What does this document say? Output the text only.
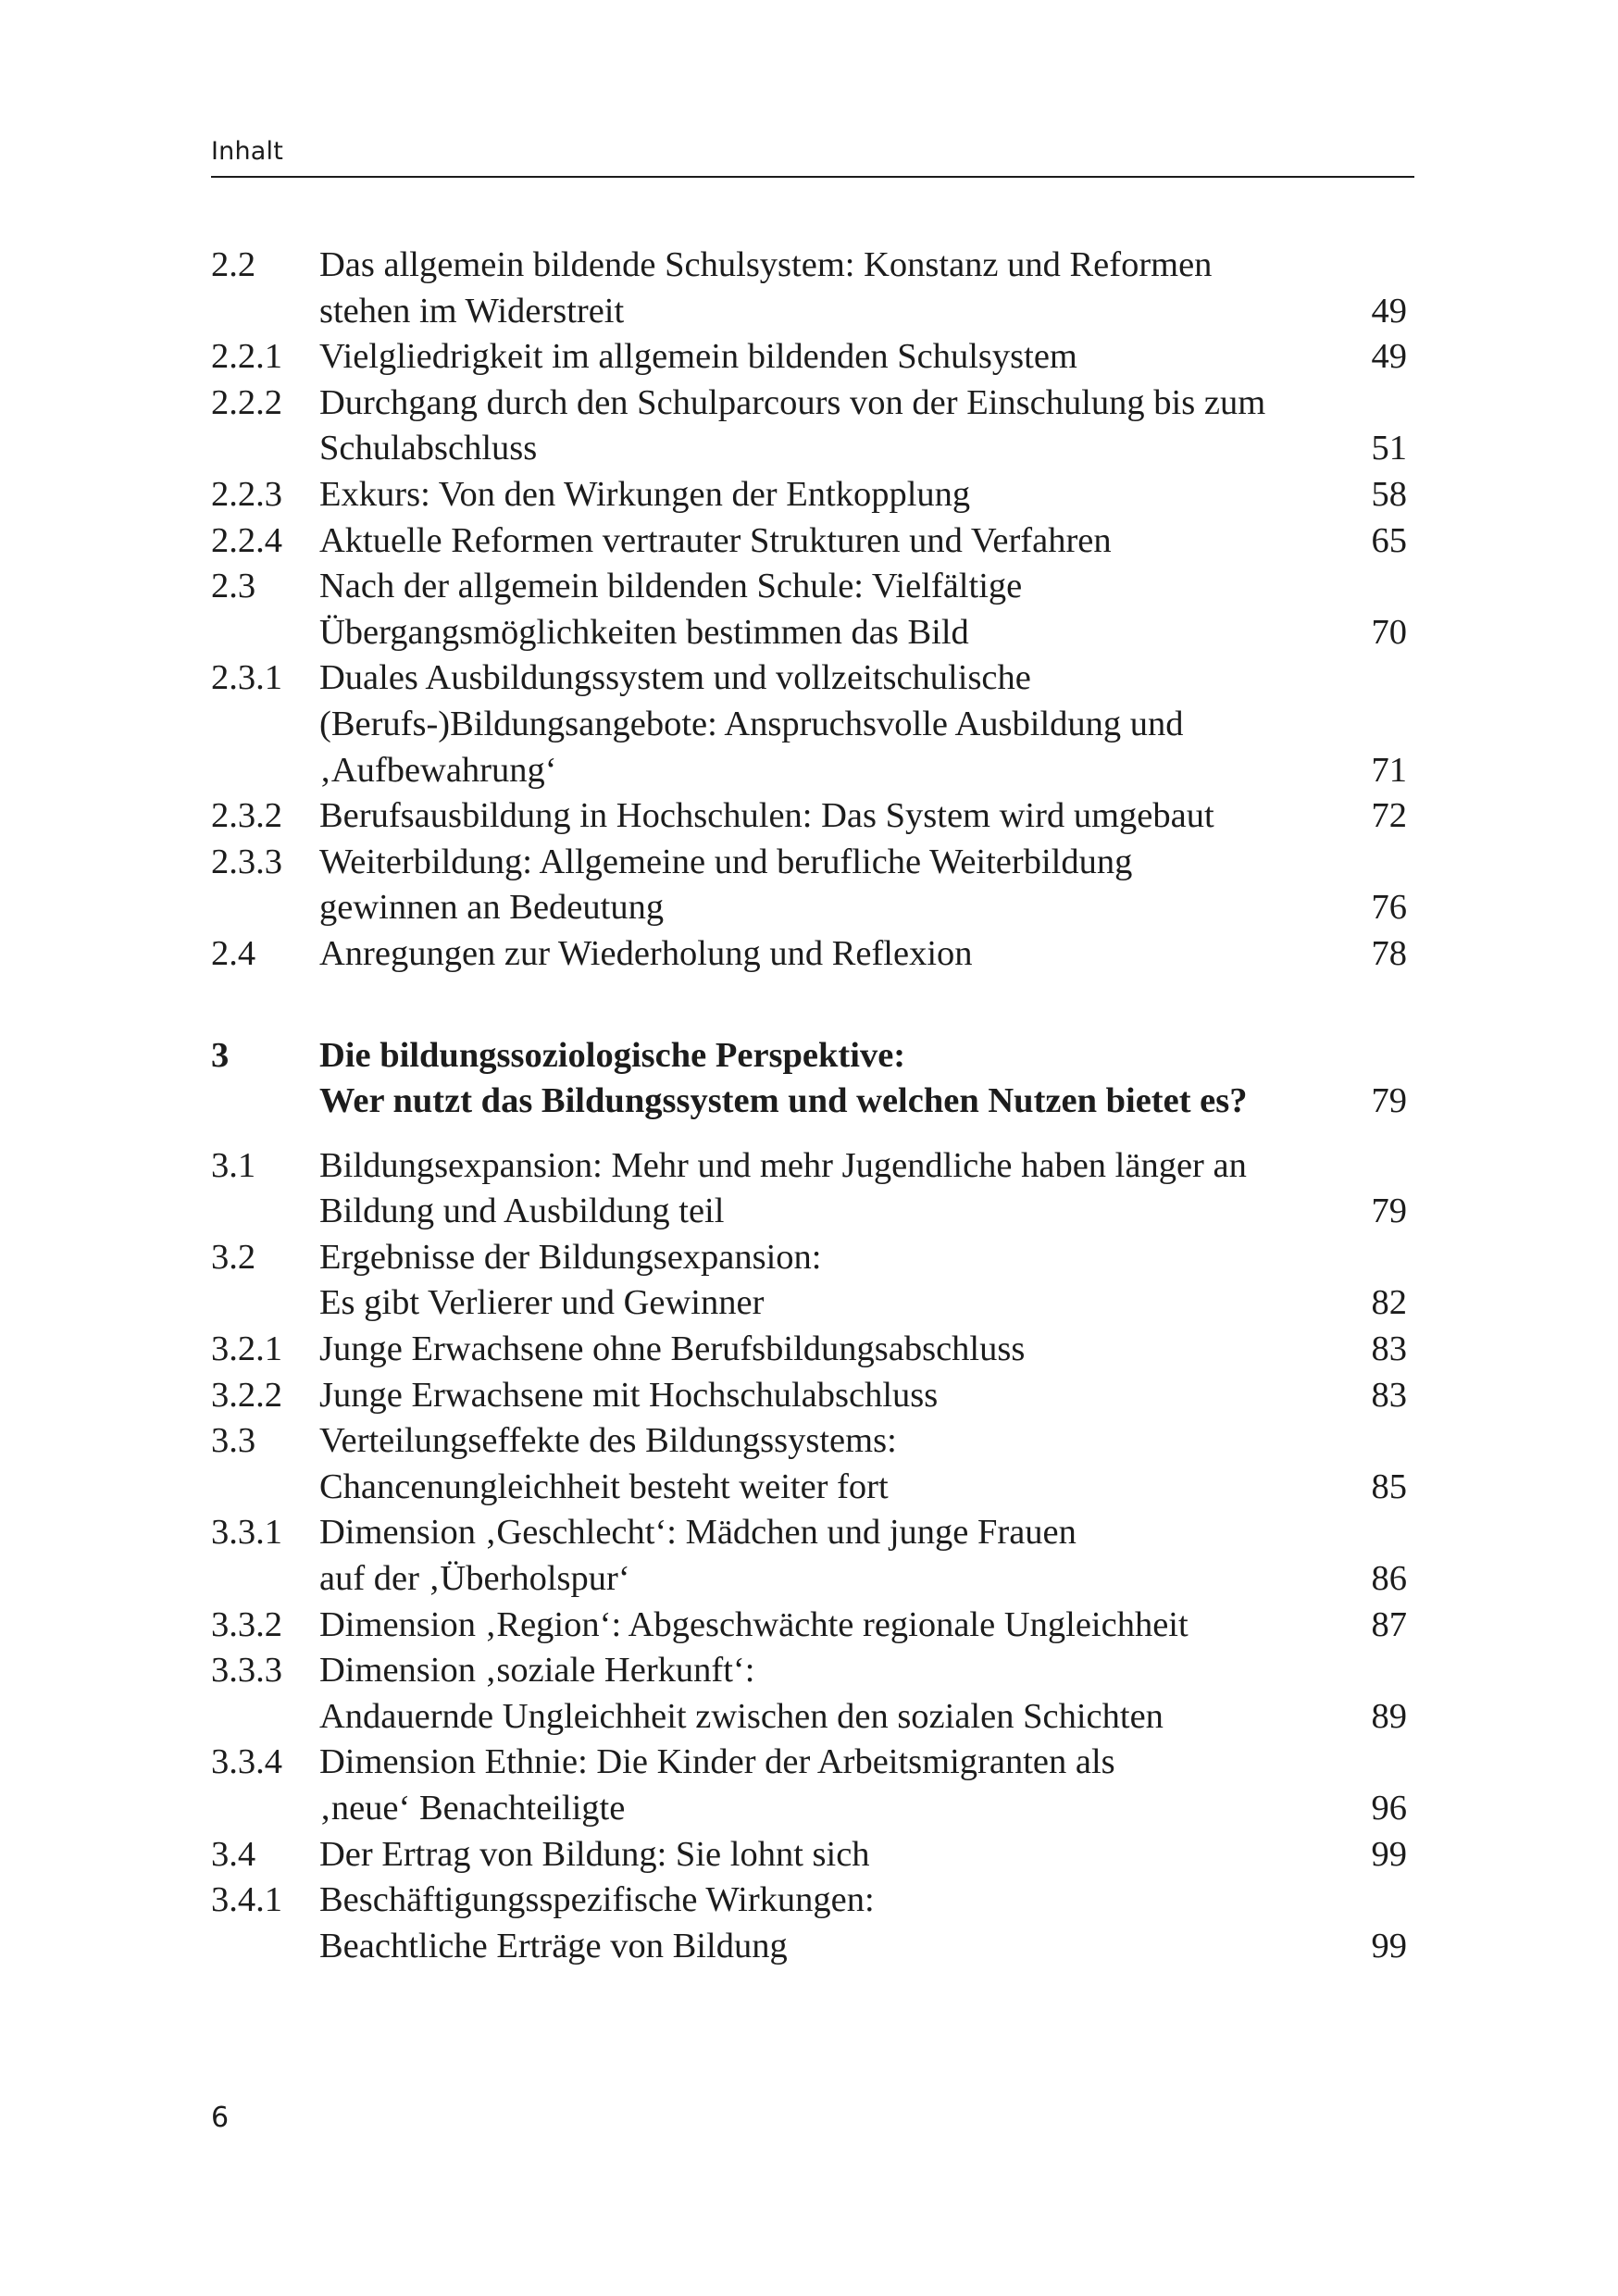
Inhalt
2.2 Das allgemein bildende Schulsystem: Konstanz und Reformen
stehen im Widerstreit	49
2.2.1 Vielgliedrigkeit im allgemein bildenden Schulsystem	49
2.2.2 Durchgang durch den Schulparcours von der Einschulung bis zum
Schulabschluss	51
2.2.3 Exkurs: Von den Wirkungen der Entkopplung	58
2.2.4 Aktuelle Reformen vertrauter Strukturen und Verfahren	65
2.3 Nach der allgemein bildenden Schule: Vielfältige
Übergangsmöglichkeiten bestimmen das Bild	70
2.3.1 Duales Ausbildungssystem und vollzeitschulische
(Berufs-)Bildungsangebote: Anspruchsvolle Ausbildung und
‚Aufbewahrung‘	71
2.3.2 Berufsausbildung in Hochschulen: Das System wird umgebaut	72
2.3.3 Weiterbildung: Allgemeine und berufliche Weiterbildung
gewinnen an Bedeutung	76
2.4 Anregungen zur Wiederholung und Reflexion	78
3	Die bildungssoziologische Perspektive:
Wer nutzt das Bildungssystem und welchen Nutzen bietet es?	79
3.1 Bildungsexpansion: Mehr und mehr Jugendliche haben länger an
Bildung und Ausbildung teil	79
3.2 Ergebnisse der Bildungsexpansion:
Es gibt Verlierer und Gewinner	82
3.2.1 Junge Erwachsene ohne Berufsbildungsabschluss	83
3.2.2 Junge Erwachsene mit Hochschulabschluss	83
3.3 Verteilungseffekte des Bildungssystems:
Chancenungleichheit besteht weiter fort	85
3.3.1 Dimension ‚Geschlecht‘: Mädchen und junge Frauen
auf der ‚Überholspur‘	86
3.3.2 Dimension ‚Region‘: Abgeschwächte regionale Ungleichheit	87
3.3.3 Dimension ‚soziale Herkunft‘:
Andauernde Ungleichheit zwischen den sozialen Schichten	89
3.3.4 Dimension Ethnie: Die Kinder der Arbeitsmigranten als
‚neue‘ Benachteiligte	96
3.4 Der Ertrag von Bildung: Sie lohnt sich	99
3.4.1 Beschäftigungsspezifische Wirkungen:
Beachtliche Erträge von Bildung	99
6
